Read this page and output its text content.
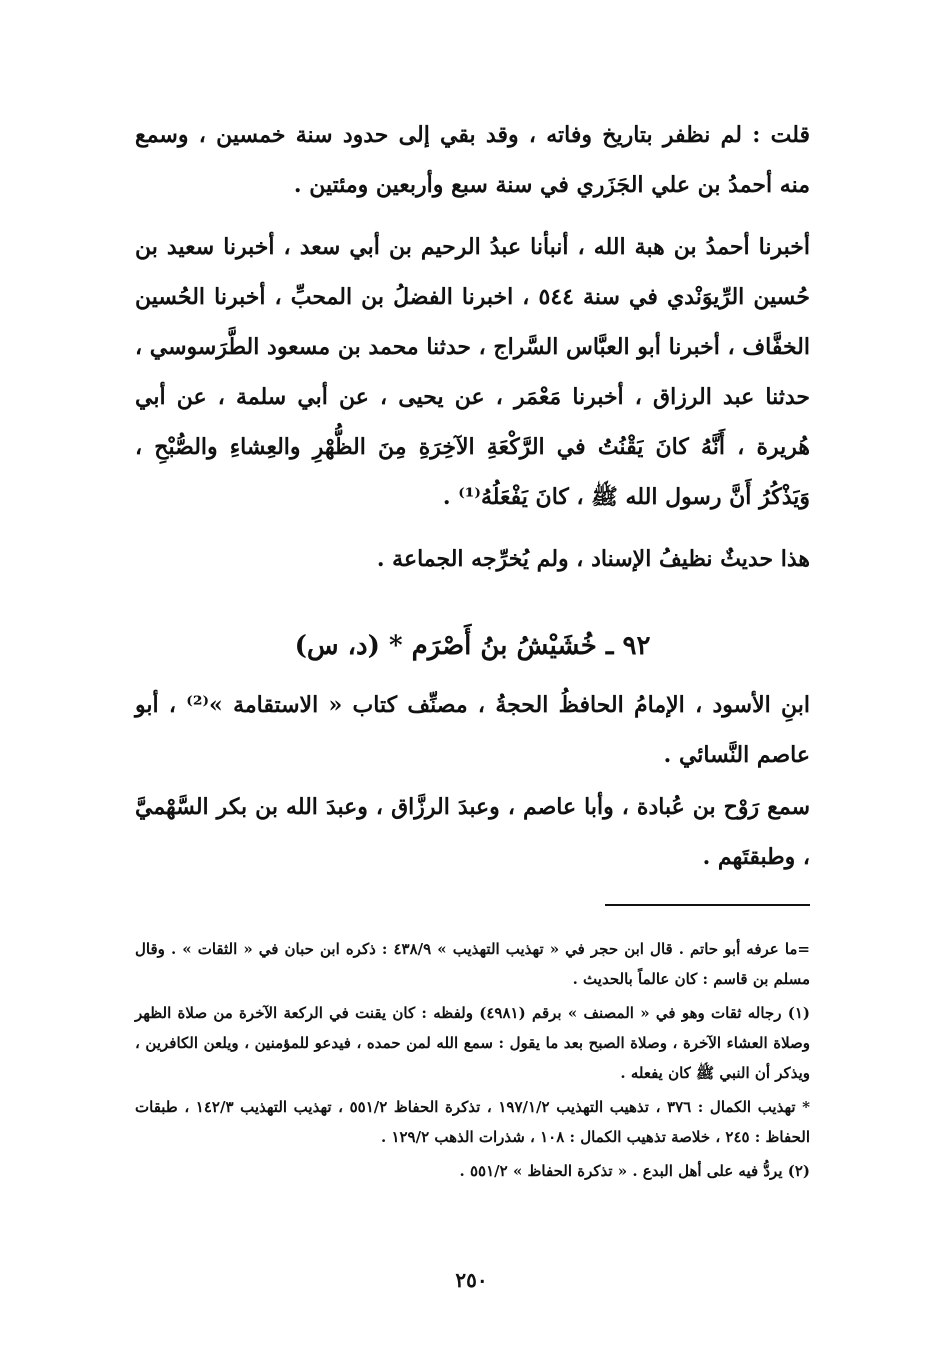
قلت : لم نظفر بتاريخ وفاته ، وقد بقي إلى حدود سنة خمسين ، وسمع منه أحمدُ بن علي الجَزَري في سنة سبع وأربعين ومئتين .

أخبرنا أحمدُ بن هبة الله ، أنبأنا عبدُ الرحيم بن أبي سعد ، أخبرنا سعيد بن حُسين الرِّيوَنْدي في سنة ٥٤٤ ، اخبرنا الفضلُ بن المحبِّ ، أخبرنا الحُسين الخفَّاف ، أخبرنا أبو العبَّاس السَّراج ، حدثنا محمد بن مسعود الطَّرَسوسي ، حدثنا عبد الرزاق ، أخبرنا مَعْمَر ، عن يحيى ، عن أبي سلمة ، عن أبي هُريرة ، أَنَّهُ كانَ يَقْنُتُ في الرَّكْعَةِ الآخِرَةِ مِنَ الظُّهْرِ والعِشاءِ والصُّبْحِ ، وَيَذْكُرُ أَنَّ رسول الله ﷺ ، كانَ يَفْعَلُهُ⁽¹⁾ .

هذا حديثٌ نظيفُ الإسناد ، ولم يُخرِّجه الجماعة .

٩٢ ـ خُشَيْشُ بنُ أَصْرَم * (د، س)

ابنِ الأسود ، الإمامُ الحافظُ الحجةُ ، مصنِّف كتاب « الاستقامة »⁽²⁾ ، أبو عاصم النَّسائي .

سمع رَوْح بن عُبادة ، وأبا عاصم ، وعبدَ الرزَّاق ، وعبدَ الله بن بكر السَّهْميَّ ، وطبقتَهم .

=ما عرفه أبو حاتم . قال ابن حجر في « تهذيب التهذيب » ٤٣٨/٩ : ذكره ابن حبان في « الثقات » . وقال مسلم بن قاسم : كان عالماً بالحديث .

(١) رجاله ثقات وهو في « المصنف » برقم (٤٩٨١) ولفظه : كان يقنت في الركعة الآخرة من صلاة الظهر وصلاة العشاء الآخرة ، وصلاة الصبح بعد ما يقول : سمع الله لمن حمده ، فيدعو للمؤمنين ، ويلعن الكافرين ، ويذكر أن النبي ﷺ كان يفعله .

* تهذيب الكمال : ٣٧٦ ، تذهيب التهذيب ١٩٧/١/٢ ، تذكرة الحفاظ ٥٥١/٢ ، تهذيب التهذيب ١٤٢/٣ ، طبقات الحفاظ : ٢٤٥ ، خلاصة تذهيب الكمال : ١٠٨ ، شذرات الذهب ١٢٩/٢ .

(٢) يردُّ فيه على أهل البدع . « تذكرة الحفاظ » ٥٥١/٢ .

٢٥٠
